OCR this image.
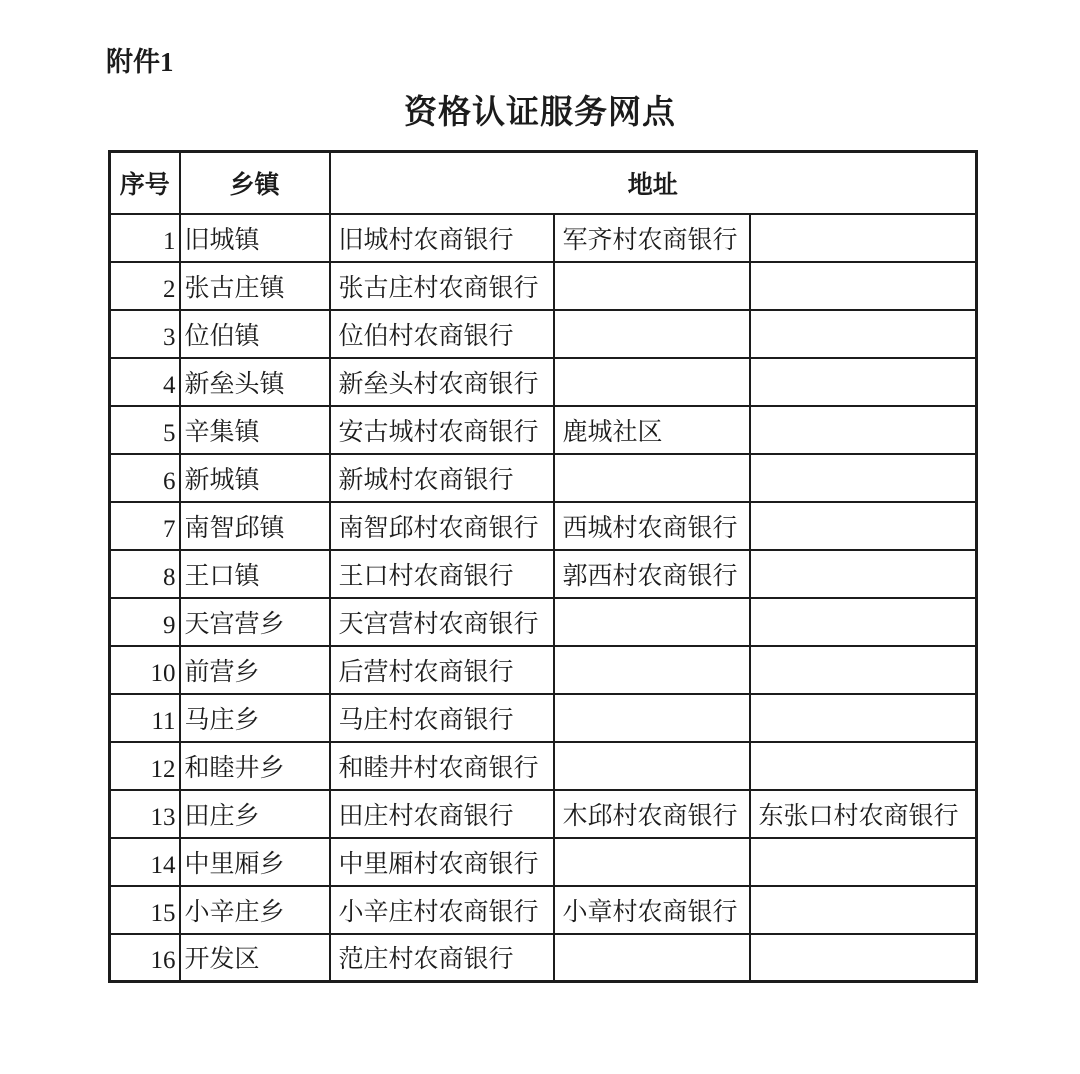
附件1
资格认证服务网点
序号	乡镇	地址		
1	旧城镇	旧城村农商银行	军齐村农商银行	
2	张古庄镇	张古庄村农商银行		
3	位伯镇	位伯村农商银行		
4	新垒头镇	新垒头村农商银行		
5	辛集镇	安古城村农商银行	鹿城社区	
6	新城镇	新城村农商银行		
7	南智邱镇	南智邱村农商银行	西城村农商银行	
8	王口镇	王口村农商银行	郭西村农商银行	
9	天宫营乡	天宫营村农商银行		
10	前营乡	后营村农商银行		
11	马庄乡	马庄村农商银行		
12	和睦井乡	和睦井村农商银行		
13	田庄乡	田庄村农商银行	木邱村农商银行	东张口村农商银行
14	中里厢乡	中里厢村农商银行		
15	小辛庄乡	小辛庄村农商银行	小章村农商银行	
16	开发区	范庄村农商银行		
